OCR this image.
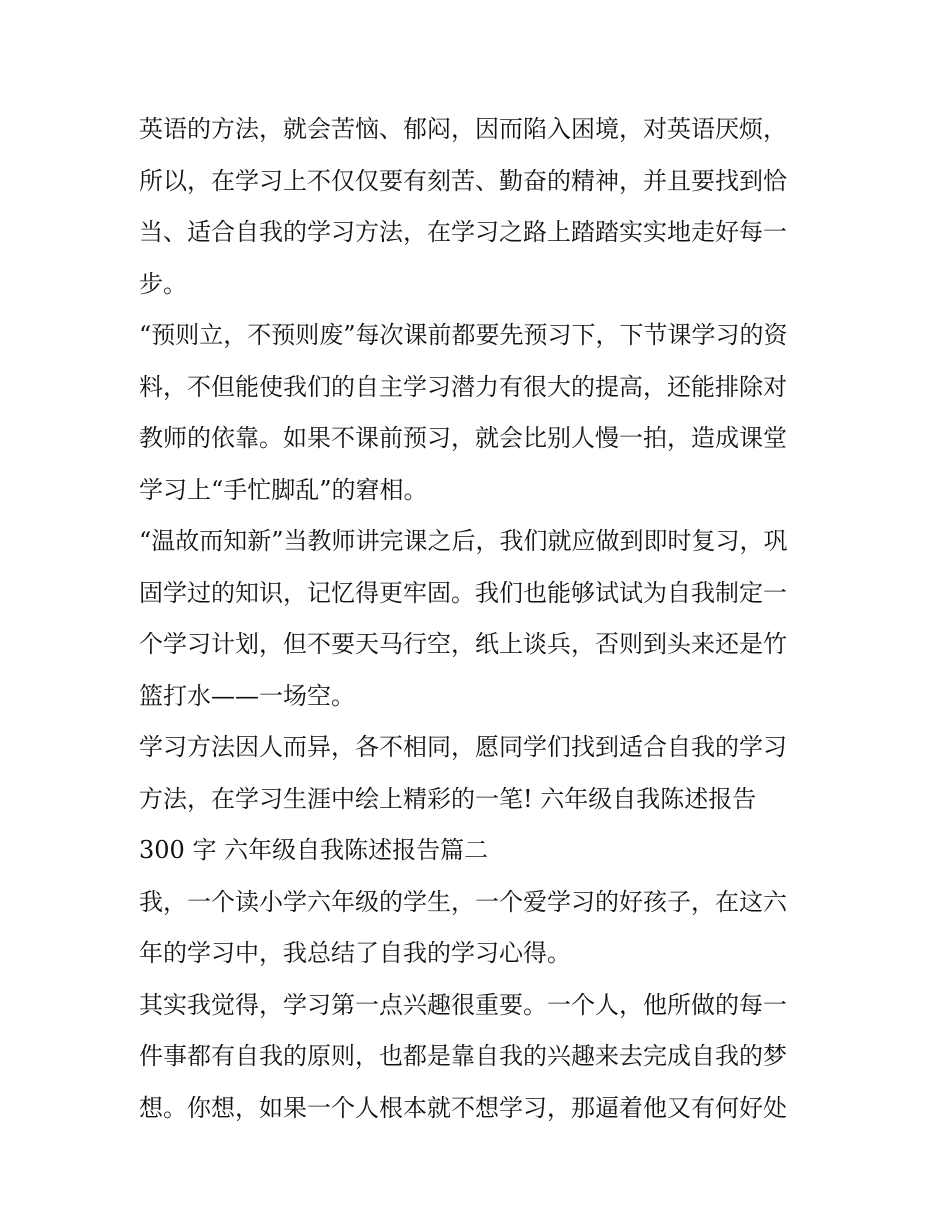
英语的方法，就会苦恼、郁闷，因而陷入困境，对英语厌烦，
所以，在学习上不仅仅要有刻苦、勤奋的精神，并且要找到恰
当、适合自我的学习方法，在学习之路上踏踏实实地走好每一
步。
“预则立，不预则废”每次课前都要先预习下，下节课学习的资
料，不但能使我们的自主学习潜力有很大的提高，还能排除对
教师的依靠。如果不课前预习，就会比别人慢一拍，造成课堂
学习上“手忙脚乱”的窘相。
“温故而知新”当教师讲完课之后，我们就应做到即时复习，巩
固学过的知识，记忆得更牢固。我们也能够试试为自我制定一
个学习计划，但不要天马行空，纸上谈兵，否则到头来还是竹
篮打水——一场空。
学习方法因人而异，各不相同，愿同学们找到适合自我的学习
方法，在学习生涯中绘上精彩的一笔! 六年级自我陈述报告
300 字 六年级自我陈述报告篇二
我，一个读小学六年级的学生，一个爱学习的好孩子，在这六
年的学习中，我总结了自我的学习心得。
其实我觉得，学习第一点兴趣很重要。一个人，他所做的每一
件事都有自我的原则，也都是靠自我的兴趣来去完成自我的梦
想。你想，如果一个人根本就不想学习，那逼着他又有何好处
